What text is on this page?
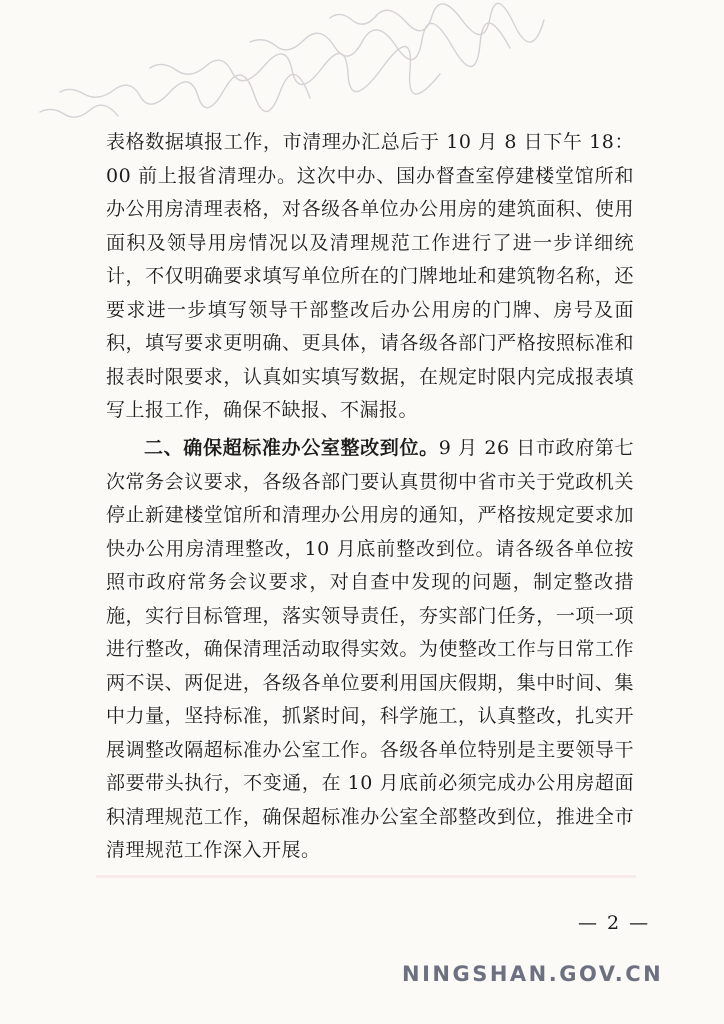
表格数据填报工作，市清理办汇总后于 10 月 8 日下午 18：00 前上报省清理办。这次中办、国办督查室停建楼堂馆所和办公用房清理表格，对各级各单位办公用房的建筑面积、使用面积及领导用房情况以及清理规范工作进行了进一步详细统计，不仅明确要求填写单位所在的门牌地址和建筑物名称，还要求进一步填写领导干部整改后办公用房的门牌、房号及面积，填写要求更明确、更具体，请各级各部门严格按照标准和报表时限要求，认真如实填写数据，在规定时限内完成报表填写上报工作，确保不缺报、不漏报。

二、确保超标准办公室整改到位。9 月 26 日市政府第七次常务会议要求，各级各部门要认真贯彻中省市关于党政机关停止新建楼堂馆所和清理办公用房的通知，严格按规定要求加快办公用房清理整改，10 月底前整改到位。请各级各单位按照市政府常务会议要求，对自查中发现的问题，制定整改措施，实行目标管理，落实领导责任，夯实部门任务，一项一项进行整改，确保清理活动取得实效。为使整改工作与日常工作两不误、两促进，各级各单位要利用国庆假期，集中时间、集中力量，坚持标准，抓紧时间，科学施工，认真整改，扎实开展调整改隔超标准办公室工作。各级各单位特别是主要领导干部要带头执行，不变通，在 10 月底前必须完成办公用房超面积清理规范工作，确保超标准办公室全部整改到位，推进全市清理规范工作深入开展。

— 2 —
NINGSHAN.GOV.CN
